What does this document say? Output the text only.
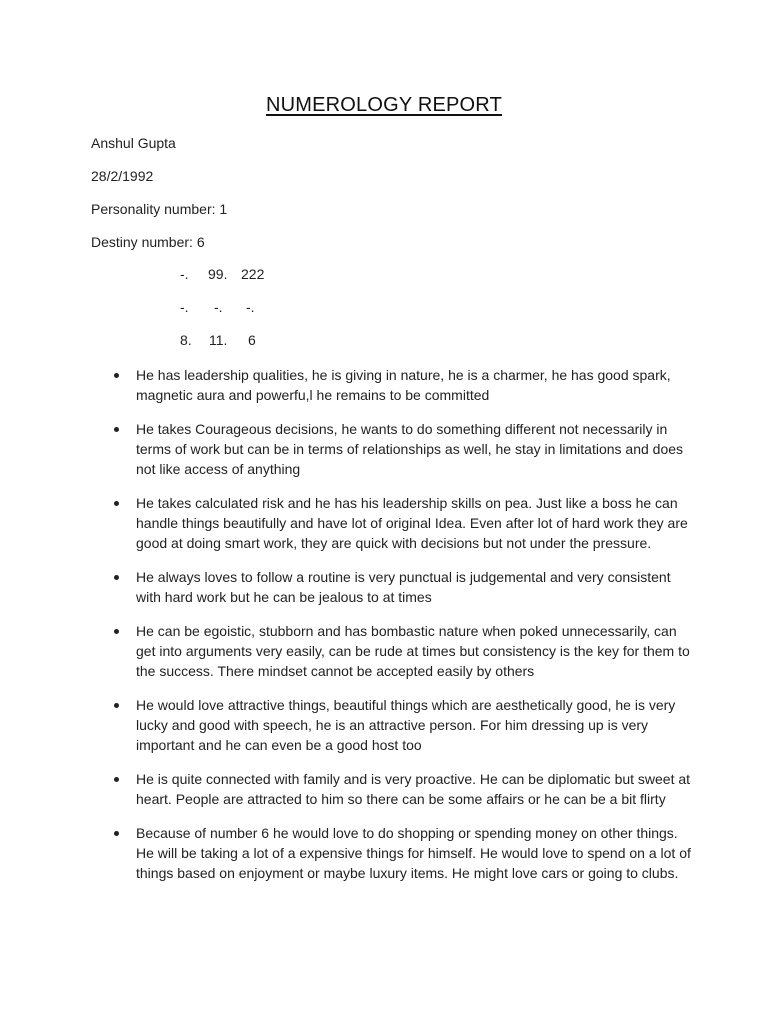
NUMEROLOGY REPORT
Anshul Gupta
28/2/1992
Personality number: 1
Destiny number: 6
-. 99. 222
-. -. -.
8. 11. 6
He has leadership qualities, he is giving in nature, he is a charmer, he has good spark, magnetic aura and powerfu,l he remains to be committed
He takes Courageous decisions, he wants to do something different not necessarily in terms of work but can be in terms of relationships as well, he stay in limitations and does not like access of anything
He takes calculated risk and he has his leadership skills on pea. Just like a boss he can handle things beautifully and have lot of original Idea. Even after lot of hard work they are good at doing smart work, they are quick with decisions but not under the pressure.
He always loves to follow a routine is very punctual is judgemental and very consistent with hard work but he can be jealous to at times
He can be egoistic, stubborn and has bombastic nature when poked unnecessarily, can get into arguments very easily, can be rude at times but consistency is the key for them to the success. There mindset cannot be accepted easily by others
He would love attractive things, beautiful things which are aesthetically good, he is very lucky and good with speech, he is an attractive person. For him dressing up is very important and he can even be a good host too
He is quite connected with family and is very proactive. He can be diplomatic but sweet at heart. People are attracted to him so there can be some affairs or he can be a bit flirty
Because of number 6 he would love to do shopping or spending money on other things. He will be taking a lot of a expensive things for himself. He would love to spend on a lot of things based on enjoyment or maybe luxury items. He might love cars or going to clubs.
